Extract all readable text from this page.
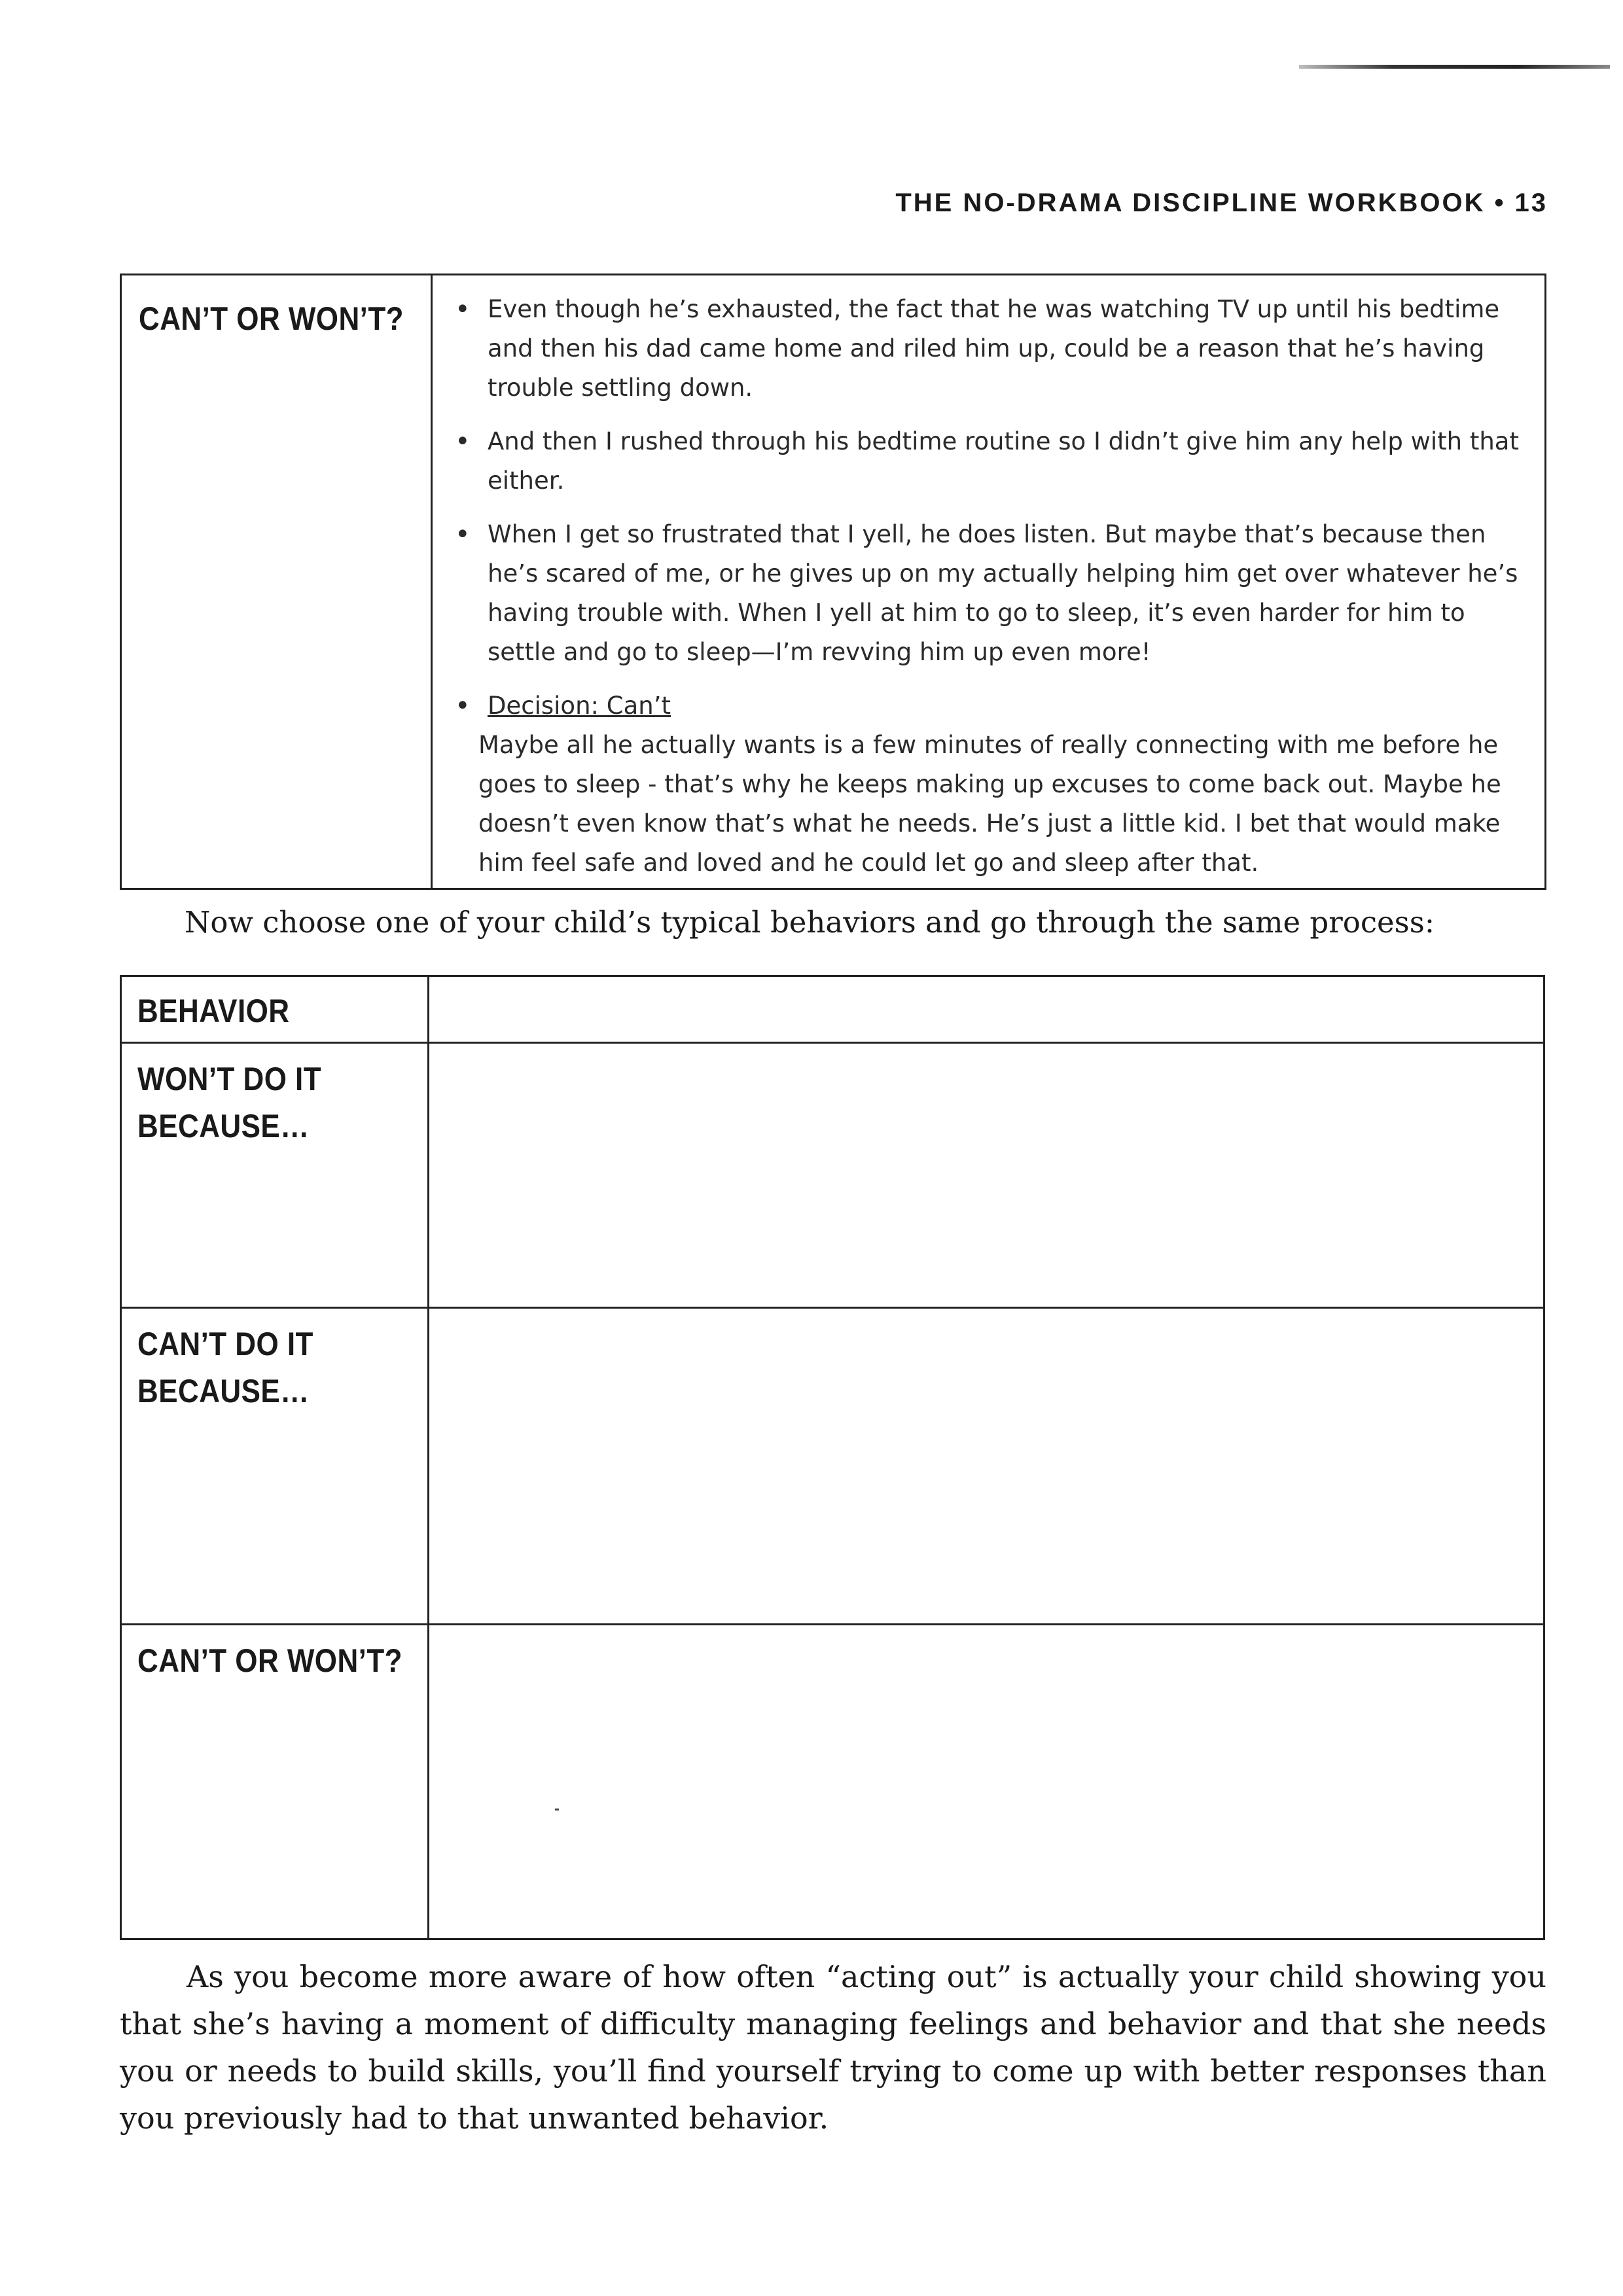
THE NO-DRAMA DISCIPLINE WORKBOOK • 13
CAN’T OR WON’T?
•	Even though he’s exhausted, the fact that he was watching TV up until his bedtime and then his dad came home and riled him up, could be a reason that he’s having trouble settling down.
• And then I rushed through his bedtime routine so I didn’t give him any help with that either.
• When I get so frustrated that I yell, he does listen. But maybe that’s because then he’s scared of me, or he gives up on my actually helping him get over whatever he’s having trouble with. When I yell at him to go to sleep, it’s even harder for him to settle and go to sleep—I’m revving him up even more!
• Decision: Can’t
Maybe all he actually wants is a few minutes of really connecting with me before he goes to sleep - that’s why he keeps making up excuses to come back out. Maybe he doesn’t even know that’s what he needs. He’s just a little kid. I bet that would make him feel safe and loved and he could let go and sleep after that.
Now choose one of your child’s typical behaviors and go through the same process:
BEHAVIOR
WON’T DO IT
BECAUSE…
CAN’T DO IT
BECAUSE…
CAN’T OR WON’T?

As you become more aware of how often “acting out” is actually your child showing you that she’s having a moment of difficulty managing feelings and behavior and that she needs you or needs to build skills, you’ll find yourself trying to come up with better responses than you previously had to that unwanted behavior.
